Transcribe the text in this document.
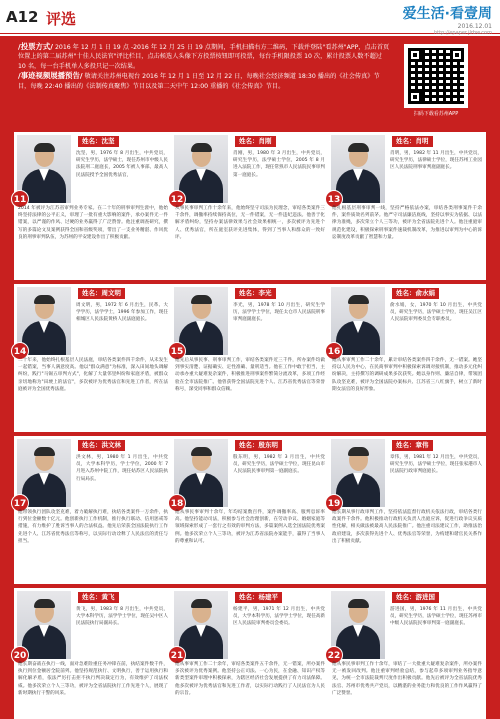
A12 评选	爱生活·看壹周
2016.12.01
http://epaper.jlrbw.com

/投票方式/ 2016 年 12 月 1 日 19 点 -2016 年 12 月 25 日 19 点期间，手机扫描右方二维码，下载并登陆"看苏州"APP，点击首页位置上的第二届苏州"十佳人民法官"评比栏目，点击候选人头像下方投票按钮即可投票，每台手机限投票 10 次，累计投票人数不超过 10 名，每一台手机单人多投只记一次结果。

/事迹视频展播预告/ 敬请关注苏州电视台 2016 年 12 月 1 日至 12 月 22 日，每晚社会经济频道 18:30 播出的《社会传真》节目，每晚 22:40 播出的《法制传真聚焦》节目以及第二天中午 12:00 重播的《社会传真》节目。

扫码下载看苏州APP
11
姓名：沈坚
沈坚，男，1976 年 8 月出生，中共党员，研究生学历，法学硕士，现任苏州市中级人民法院刑二庭庭长，2005 年被人事部、最高人民法院授予全国优秀法官，
2014 年被评为江苏省审判业务专家。在二十年的刑事审判生涯中，他始终坚持法律的公平正义，审理了一批有重大影响的案件，承办案件无一件错案，以严谨的作风、过硬的业务赢得了广泛赞誉。他注重调查研究，撰写的多篇论文及案例获得全国和省级奖项，带出了一支业务精湛、作风优良的刑事审判队伍，为苏州的平安建设作出了积极贡献。
12
姓名：肖刚
肖刚，男，1980 年 3 月出生，中共党员，研究生学历，法学硕士学位，2005 年 8 月进入法院工作，现任常熟市人民法院民事审判第一庭庭长。
从事民事审判工作十余年来，他始终坚守司法为民理念，审结各类案件三千余件，调撤率持续保持高位，无一件错案，无一件违纪违法。他善于化解矛盾纠纷，坚持办案法律效果与社会效果相统一，多次被评为先进个人、优秀法官，所在庭室获评先进集体，得到了当事人和群众的一致好评。
13
姓名：肖明
肖明，男，1982 年 11 月出生，中共党员，研究生学历，法律硕士学位，现任苏州工业园区人民法院刑事审判庭副庭长。
他扎根基层刑事审判一线，坚持严格依法办案，审结各类刑事案件千余件，案件质效名列前茅。他严守司法廉洁底线，坚持以事实为依据、以法律为准绳，多次荣立个人三等功，被评为全省法院先进个人。他注重庭审规范化建设，积极探索刑事案件速裁机制改革，为推进以审判为中心的诉讼制度改革贡献了智慧和力量。
14
姓名：周文明
周文明，男，1972 年 6 月出生，民革、大学学历，法学学士，1996 年参加工作，现任相城区人民法院黄桥人民法庭庭长。
二十年来，他始终扎根基层人民法庭，审结各类案件四千余件，从未发生一起错案，当事人满意度高。他以"群众满意"为标准，深入田间地头调解纠纷，践行"马锡五审判方式"，化解了大量邻里纠纷和家庭矛盾，被群众亲切地称为"田埂上的法官"，多次被评为优秀法官和先进工作者，所在法庭被评为全国优秀法庭。
15
姓名：李光
李光，男，1978 年 10 月出生，研究生学历，法学学士学位，现任太仓市人民法院刑事审判庭副庭长。
他先后从事民事、刑事审判工作，审结各类案件近三千件，所办案件均做到事实清楚、证据确实、定性准确、量刑适当。他在工作中敢于担当，主动承办重大疑难复杂案件，积极推进刑事案件繁简分流改革，多项工作经验在全市法院推广。他曾获得全国法院先进个人、江苏省优秀法官等荣誉称号，深受同事和群众信赖。
16
姓名：俞水娟
俞水娟，女，1970 年 10 月出生，中共党员，研究生学历，法学硕士学位，现任吴江区人民法院审判委员会专职委员。
她从事审判工作二十余年，累计审结各类案件四千余件，无一错案。她坚持以人民为中心，在民商事审判中积极探索诉调对接机制，推动多元化纠纷解决，主持撰写的调研成果多次获奖。她以身作则、廉洁自律，带领团队攻坚克难，被评为全国法院办案标兵、江苏省三八红旗手，树立了新时期女法官的良好形象。
17
姓名：洪文林
洪文林，男，1980 年 1 月出生，中共党员，大学本科学历，学士学位，2000 年 7 月进入苏州中院工作，现任姑苏区人民法院执行局局长。
他带领执行团队攻坚克难，着力破解执行难，执结各类案件一万余件，执行到位金额数十亿元。他创新执行工作机制，推行执行联动、信用惩戒等措施，有力维护了胜诉当事人的合法权益。他先后荣获全国法院执行工作先进个人、江苏省优秀法官等称号，以实际行动诠释了人民法官的责任与担当。
18
姓名：殷东明
殷东明，男，1982 年 3 月出生，中共党员，研究生学历，法学硕士学位，现任昆山市人民法院民事审判第一庭副庭长。
他从事民事审判十余年，年均结案数百件，案件调撤率高、服判息诉率高。他坚持能动司法，积极参与社会治理创新，在劳动争议、婚姻家庭等领域探索形成了一套行之有效的审判方法，多篇案例入选全国法院优秀案例。他多次荣立个人三等功，被评为江苏省法院办案能手，赢得了当事人的尊重和认可。
19
姓名：章伟
章伟，男，1981 年 12 月出生，中共党员，研究生学历，法学硕士学位，现任张家港市人民法院行政审判庭庭长。
他长期从事行政审判工作，坚持依法监督行政机关依法行政，审结各类行政案件千余件。他积极推动行政机关负责人出庭应诉，促进行政争议实质性化解，相关做法被最高人民法院推广。他注重司法建议工作，助推法治政府建设，多次获得先进个人、优秀法官等荣誉，为构建和谐官民关系作出了积极贡献。
20
姓名：黄飞
黄飞，男，1983 年 8 月出生，中共党员，大学本科学历，法学学士学位，现任吴中区人民法院执行局副局长。
他长期奋战在执行一线，面对急难险重任务冲锋在前，执结案件数千件，执行到位金额居全院前列。他坚持规范执行、文明执行，善于运用执行和解化解矛盾，依法严厉打击拒不执行判决裁定行为，有效维护了司法权威。他多次荣立个人三等功，被评为全省法院执行工作先进个人，展现了新时期执行干警的风采。
21
姓名：杨建平
杨建平，男，1971 年 12 月出生，中共党员，大学本科学历，法学学士学位，现任高新区人民法院审判委员会委员。
他从事审判工作二十余年，审结各类案件五千余件，无一错案，所办案件多次被评为优秀案例。他坚持公正司法、一心为民，在金融、知识产权等新类型案件审理中积极探索，为辖区经济社会发展提供了有力司法保障。他多次被评为优秀法官和先进工作者，以实际行动践行了人民法官为人民的宗旨。
22
姓名：游进国
游进国，男，1976 年 11 月出生，中共党员，研究生学历，法学硕士学位，现任苏州市中级人民法院民事审判第一庭副庭长。
他从事民事审判工作十余年，审结了一大批重大疑难复杂案件，所办案件无一被发回改判。他注重审判经验总结，参与起草多项审判业务指导意见，为统一全市法院裁判尺度作出积极贡献。他先后被评为全省法院优秀法官、苏州市优秀共产党员，以精湛的业务能力和优良的工作作风赢得了广泛赞誉。
